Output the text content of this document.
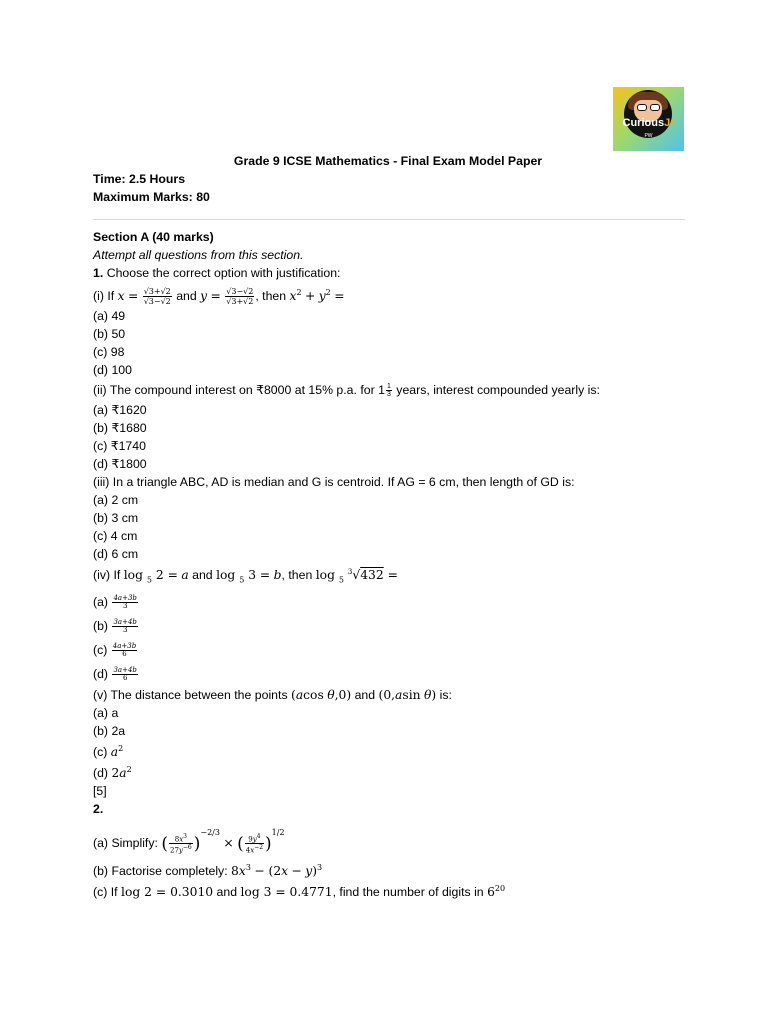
CuriousJr
PW
Grade 9 ICSE Mathematics - Final Exam Model Paper
Time: 2.5 Hours
Maximum Marks: 80
Section A (40 marks)
Attempt all questions from this section.
1. Choose the correct option with justification:
(i) If $x = \frac{√3+√2}{√3-√2}$ and $y = \frac{√3-√2}{√3+√2}$ , then $x^2 + y^2$ =
(a) 49
(b) 50
(c) 98
(d) 100
(ii) The compound interest on ₹8000 at 15% p.a. for $1 \frac{1}{3}$ years, interest compounded yearly is:
(a) ₹1620
(b) ₹1680
(c) ₹1740
(d) ₹1800
(iii) In a triangle ABC, AD is median and G is centroid. If AG = 6 cm, then length of GD is:
(a) 2 cm
(b) 3 cm
(c) 4 cm
(d) 6 cm
(iv) If log $_5$ 2 = a and log $_5$ 3 = b, then log $_5$ $^3$√432 =
$(a) \frac{4a+3b}{3}$
$(b) \frac{3a+4b}{3}$
$(c) \frac{4a+3b}{6}$
$(d) \frac{3a+4b}{6}$
(v) The distance between the points (acos θ,0) and (0,asin θ) is:
(a) a
(b) 2a
(c) $a^2$
(d) $2a^2$
[5]
2.
(a) Simplify: ( $\frac{8x^3}{27y^{-6}} )^{-2/3}$ × ( $\frac{9y^4}{4x^{-2}} )^{1/2}$
(b) Factorise completely: $8x^3 - (2x - y)^3$
(c) If log 2 = 0.3010 and log 3 = 0.4771, find the number of digits in $6^{20}$
